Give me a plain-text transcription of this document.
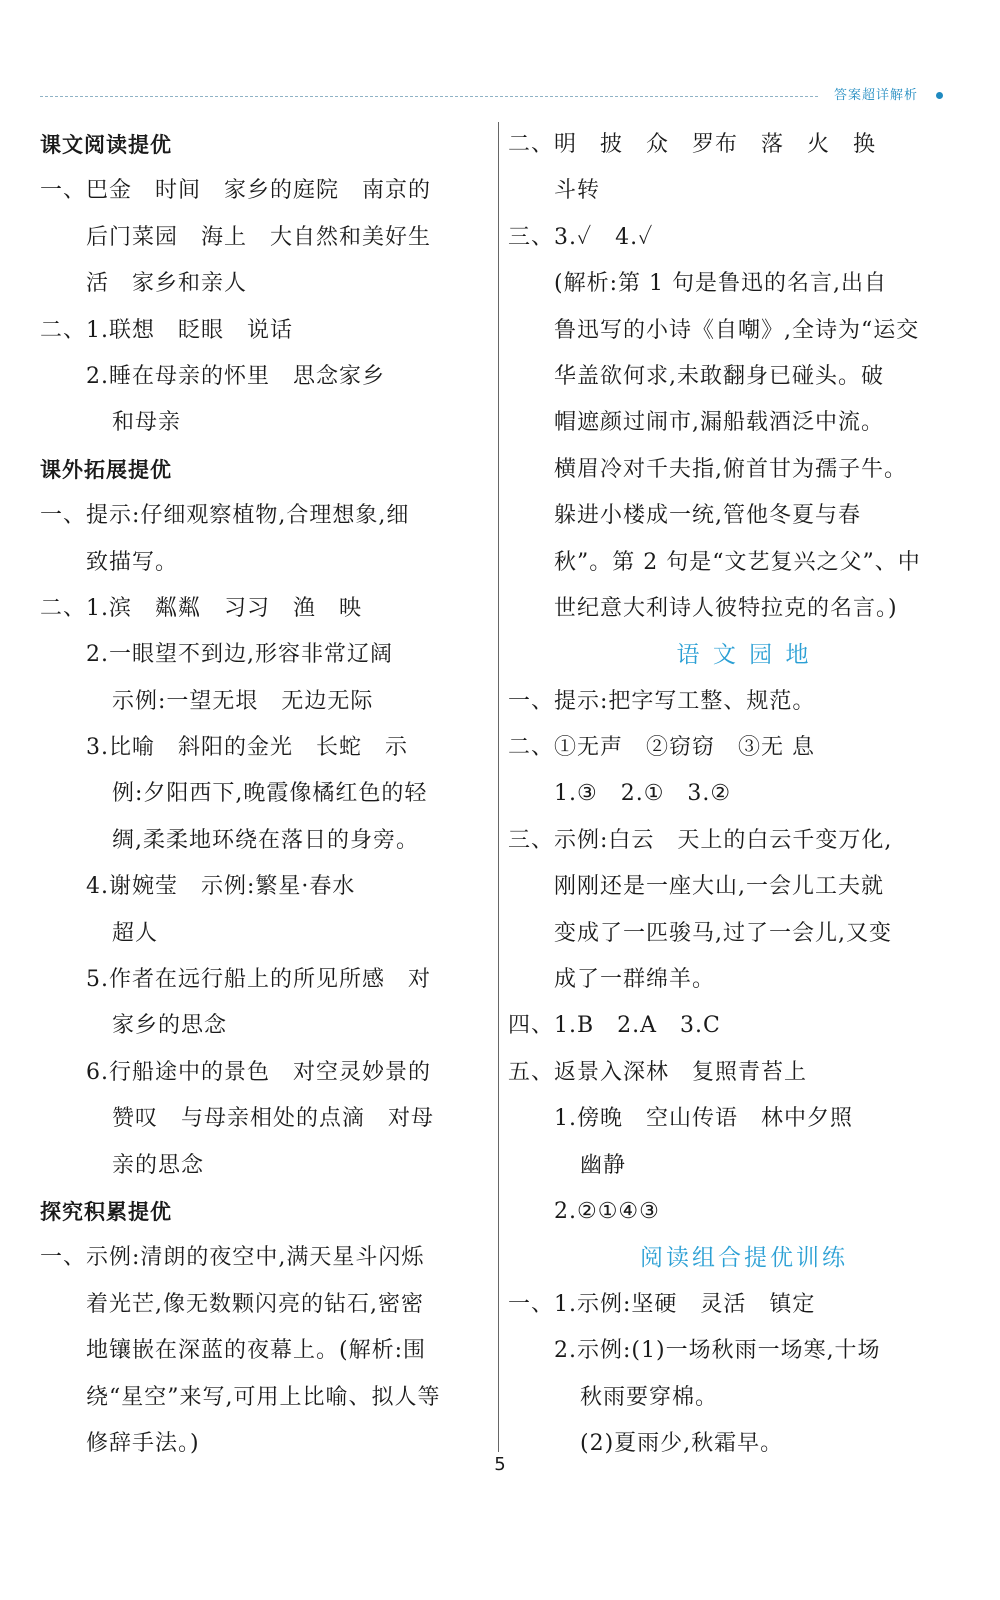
答案超详解析
课文阅读提优
一、巴金　时间　家乡的庭院　南京的
后门菜园　海上　大自然和美好生
活　家乡和亲人
二、1.联想　眨眼　说话
2.睡在母亲的怀里　思念家乡
和母亲
课外拓展提优
一、提示:仔细观察植物,合理想象,细
致描写。
二、1.滨　粼粼　习习　渔　映
2.一眼望不到边,形容非常辽阔
示例:一望无垠　无边无际
3.比喻　斜阳的金光　长蛇　示
例:夕阳西下,晚霞像橘红色的轻
绸,柔柔地环绕在落日的身旁。
4.谢婉莹　示例:繁星·春水
超人
5.作者在远行船上的所见所感　对
家乡的思念
6.行船途中的景色　对空灵妙景的
赞叹　与母亲相处的点滴　对母
亲的思念
探究积累提优
一、示例:清朗的夜空中,满天星斗闪烁
着光芒,像无数颗闪亮的钻石,密密
地镶嵌在深蓝的夜幕上。(解析:围
绕“星空”来写,可用上比喻、拟人等
修辞手法。)
二、明　披　众　罗布　落　火　换
斗转
三、3.✓　4.✓
(解析:第 1 句是鲁迅的名言,出自
鲁迅写的小诗《自嘲》,全诗为“运交
华盖欲何求,未敢翻身已碰头。破
帽遮颜过闹市,漏船载酒泛中流。
横眉冷对千夫指,俯首甘为孺子牛。
躲进小楼成一统,管他冬夏与春
秋”。第 2 句是“文艺复兴之父”、中
世纪意大利诗人彼特拉克的名言。)
语 文 园 地
一、提示:把字写工整、规范。
二、①无声　②窃窃　③无 息
1.③　2.①　3.②
三、示例:白云　天上的白云千变万化,
刚刚还是一座大山,一会儿工夫就
变成了一匹骏马,过了一会儿,又变
成了一群绵羊。
四、1.B　2.A　3.C
五、返景入深林　复照青苔上
1.傍晚　空山传语　林中夕照
幽静
2.②①④③
阅读组合提优训练
一、1.示例:坚硬　灵活　镇定
2.示例:(1)一场秋雨一场寒,十场
秋雨要穿棉。
(2)夏雨少,秋霜早。
5
